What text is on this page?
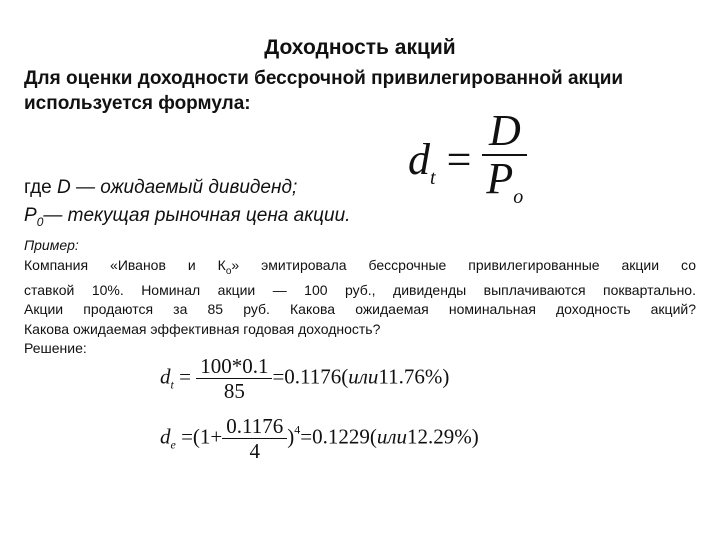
Доходность акций
Для оценки доходности бессрочной привилегированной акции
используется формула:
$d_t = \frac{D}{P_o}$
где D — ожидаемый дивиденд;
$P_0—$ текущая рыночная цена акции.
Пример:
Компания «Иванов и $К_о$» эмитировала бессрочные привилегированные акции со
ставкой 10%. Номинал акции — 100 руб., дивиденды выплачиваются поквартально.
Акции продаются за 85 руб. Какова ожидаемая номинальная доходность акций?
Какова ожидаемая эффективная годовая доходность?
Решение:
$d_t = \frac{100*0.1}{85} =0.1176(или11.76\%)$
$d_e =(1+ \frac{0.1176}{4} )^4=0.1229(или12.29\%)$
